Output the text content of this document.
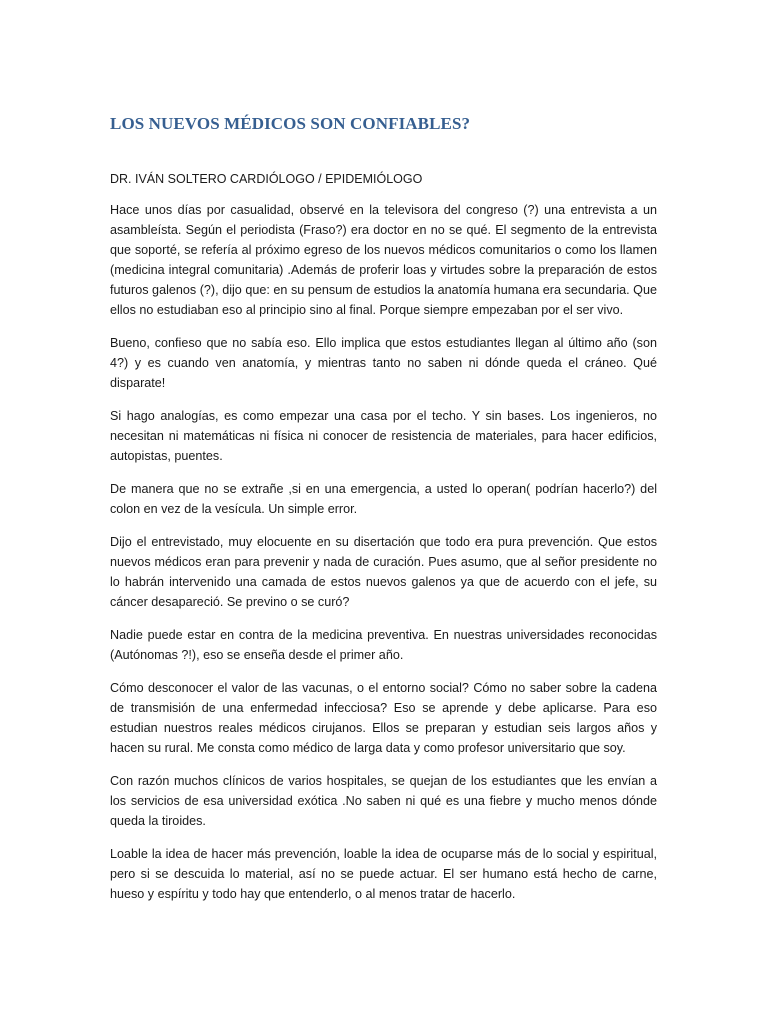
LOS NUEVOS MÉDICOS SON CONFIABLES?

DR. IVÁN SOLTERO CARDIÓLOGO / EPIDEMIÓLOGO

Hace unos días por casualidad, observé en la televisora del congreso (?) una entrevista a un asambleísta. Según el periodista (Fraso?) era doctor en no se qué. El segmento de la entrevista que soporté, se refería al próximo egreso de los nuevos médicos comunitarios o como los llamen (medicina integral comunitaria) .Además de proferir loas y virtudes sobre la preparación de estos futuros galenos (?), dijo que: en su pensum de estudios la anatomía humana era secundaria. Que ellos no estudiaban eso al principio sino al final. Porque siempre empezaban por el ser vivo.

Bueno, confieso que no sabía eso. Ello implica que estos estudiantes llegan al último año (son 4?) y es cuando ven anatomía, y mientras tanto no saben ni dónde queda el cráneo. Qué disparate!

Si hago analogías, es como empezar una casa por el techo. Y sin bases. Los ingenieros, no necesitan ni matemáticas ni física ni conocer de resistencia de materiales, para hacer edificios, autopistas, puentes.

De manera que no se extrañe ,si en una emergencia, a usted lo operan( podrían hacerlo?) del colon en vez de la vesícula. Un simple error.

Dijo el entrevistado, muy elocuente en su disertación que todo era pura prevención. Que estos nuevos médicos eran para prevenir y nada de curación. Pues asumo, que al señor presidente no lo habrán intervenido una camada de estos nuevos galenos ya que de acuerdo con el jefe, su cáncer desapareció. Se previno o se curó?

Nadie puede estar en contra de la medicina preventiva. En nuestras universidades reconocidas (Autónomas ?!), eso se enseña desde el primer año.

Cómo desconocer el valor de las vacunas, o el entorno social? Cómo no saber sobre la cadena de transmisión de una enfermedad infecciosa? Eso se aprende y debe aplicarse. Para eso estudian nuestros reales médicos cirujanos. Ellos se preparan y estudian seis largos años y hacen su rural. Me consta como médico de larga data y como profesor universitario que soy.

Con razón muchos clínicos de varios hospitales, se quejan de los estudiantes que les envían a los servicios de esa universidad exótica .No saben ni qué es una fiebre y mucho menos dónde queda la tiroides.

Loable la idea de hacer más prevención, loable la idea de ocuparse más de lo social y espiritual, pero si se descuida lo material, así no se puede actuar. El ser humano está hecho de carne, hueso y espíritu y todo hay que entenderlo, o al menos tratar de hacerlo.
